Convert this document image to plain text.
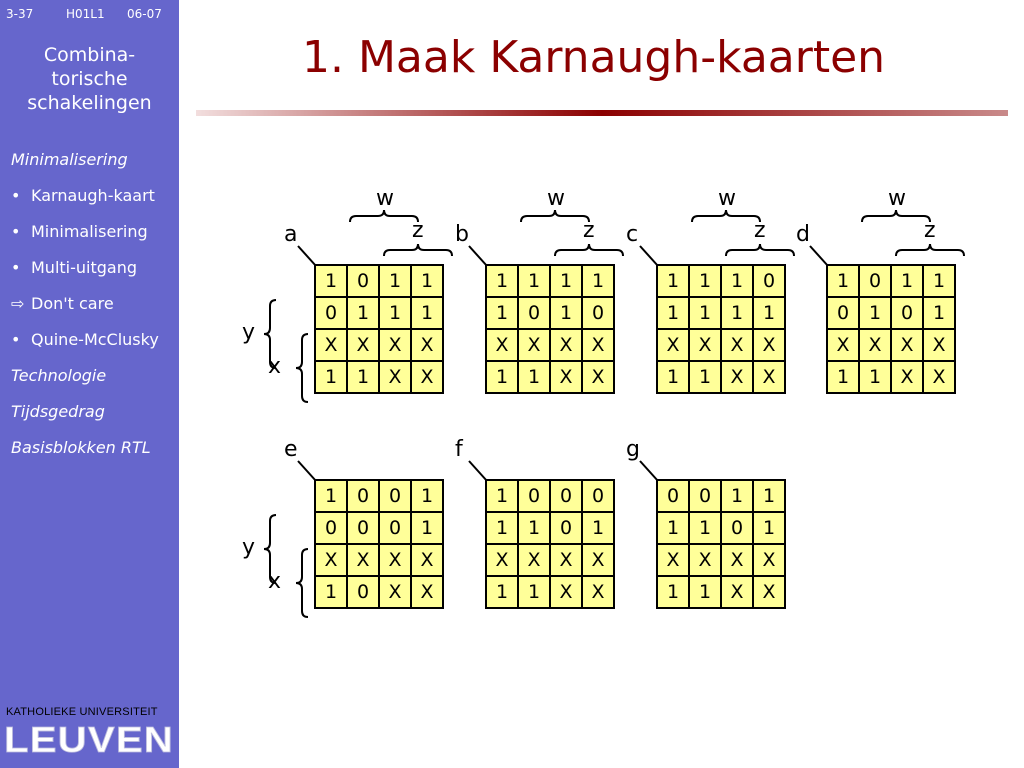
3-37	H01L1 06-07
Combina-
torische
schakelingen
Minimalisering
• Karnaugh-kaart
• Minimalisering
• Multi-uitgang
⇨ Don't care
• Quine-McClusky
Technologie
Tijdsgedrag
Basisblokken RTL
KATHOLIEKE UNIVERSITEIT
LEUVEN
1. Maak Karnaugh-kaarten
1	0	1	1
0	1	1	1
X	X	X	X
1	1	X	X
a
w
z
y
x
1	1	1	1
1	0	1	0
X	X	X	X
1	1	X	X
b
w
z
1	1	1	0
1	1	1	1
X	X	X	X
1	1	X	X
c
w
z
1	0	1	1
0	1	0	1
X	X	X	X
1	1	X	X
d
w
z
1	0	0	1
0	0	0	1
X	X	X	X
1	0	X	X
e
y
x
1	0	0	0
1	1	0	1
X	X	X	X
1	1	X	X
f
0	0	1	1
1	1	0	1
X	X	X	X
1	1	X	X
g
